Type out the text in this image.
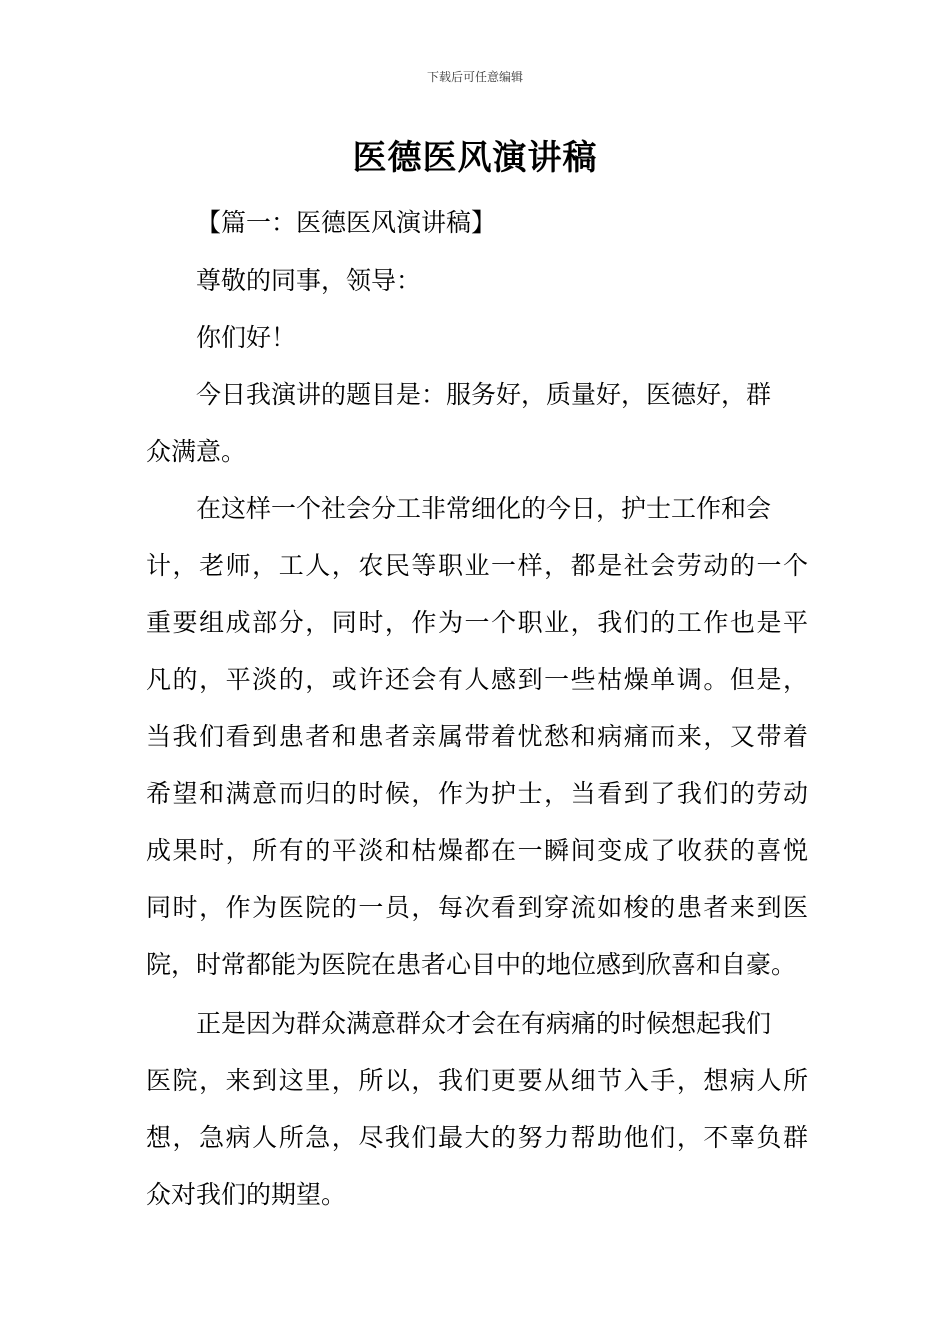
下载后可任意编辑
医德医风演讲稿
【篇一：医德医风演讲稿】
尊敬的同事，领导：
你们好！
今日我演讲的题目是：服务好，质量好，医德好，群
众满意。
在这样一个社会分工非常细化的今日，护士工作和会
计，老师，工人，农民等职业一样，都是社会劳动的一个
重要组成部分，同时，作为一个职业，我们的工作也是平
凡的，平淡的，或许还会有人感到一些枯燥单调。但是，
当我们看到患者和患者亲属带着忧愁和病痛而来，又带着
希望和满意而归的时候，作为护士，当看到了我们的劳动
成果时，所有的平淡和枯燥都在一瞬间变成了收获的喜悦
同时，作为医院的一员，每次看到穿流如梭的患者来到医
院，时常都能为医院在患者心目中的地位感到欣喜和自豪。
正是因为群众满意群众才会在有病痛的时候想起我们
医院，来到这里，所以，我们更要从细节入手，想病人所
想，急病人所急，尽我们最大的努力帮助他们，不辜负群
众对我们的期望。
